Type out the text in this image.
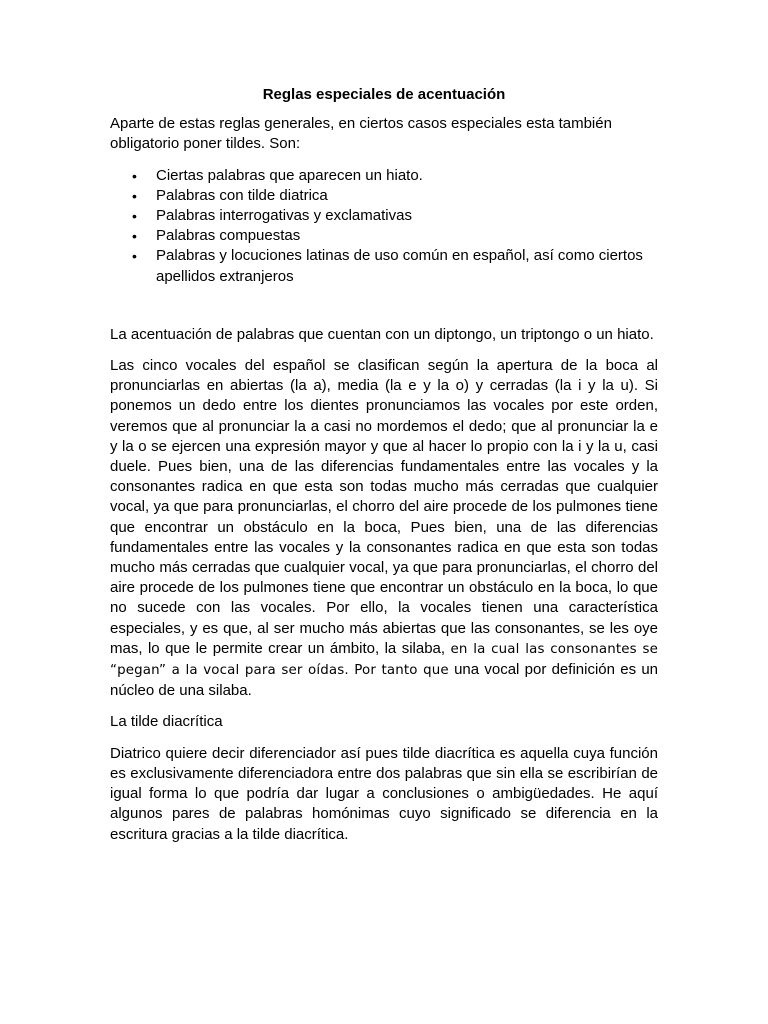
Reglas especiales de acentuación

Aparte de estas reglas generales, en ciertos casos especiales esta también obligatorio poner tildes. Son:

• Ciertas palabras que aparecen un hiato.
• Palabras con tilde diatrica
• Palabras interrogativas y exclamativas
• Palabras compuestas
• Palabras y locuciones latinas de uso común en español, así como ciertos apellidos extranjeros

La acentuación de palabras que cuentan con un diptongo, un triptongo o un hiato.

Las cinco vocales del español se clasifican según la apertura de la boca al pronunciarlas en abiertas (la a), media (la e y la o) y cerradas (la i y la u). Si ponemos un dedo entre los dientes pronunciamos las vocales por este orden, veremos que al pronunciar la a casi no mordemos el dedo; que al pronunciar la e y la o se ejercen una expresión mayor y que al hacer lo propio con la i y la u, casi duele. Pues bien, una de las diferencias fundamentales entre las vocales y la consonantes radica en que esta son todas mucho más cerradas que cualquier vocal, ya que para pronunciarlas, el chorro del aire procede de los pulmones tiene que encontrar un obstáculo en la boca, Pues bien, una de las diferencias fundamentales entre las vocales y la consonantes radica en que esta son todas mucho más cerradas que cualquier vocal, ya que para pronunciarlas, el chorro del aire procede de los pulmones tiene que encontrar un obstáculo en la boca, lo que no sucede con las vocales. Por ello, la vocales tienen una característica especiales, y es que, al ser mucho más abiertas que las consonantes, se les oye mas, lo que le permite crear un ámbito, la silaba, en la cual las consonantes se “pegan” a la vocal para ser oídas. Por tanto que una vocal por definición es un núcleo de una silaba.

La tilde diacrítica

Diatrico quiere decir diferenciador así pues tilde diacrítica es aquella cuya función es exclusivamente diferenciadora entre dos palabras que sin ella se escribirían de igual forma lo que podría dar lugar a conclusiones o ambigüedades. He aquí algunos pares de palabras homónimas cuyo significado se diferencia en la escritura gracias a la tilde diacrítica.
